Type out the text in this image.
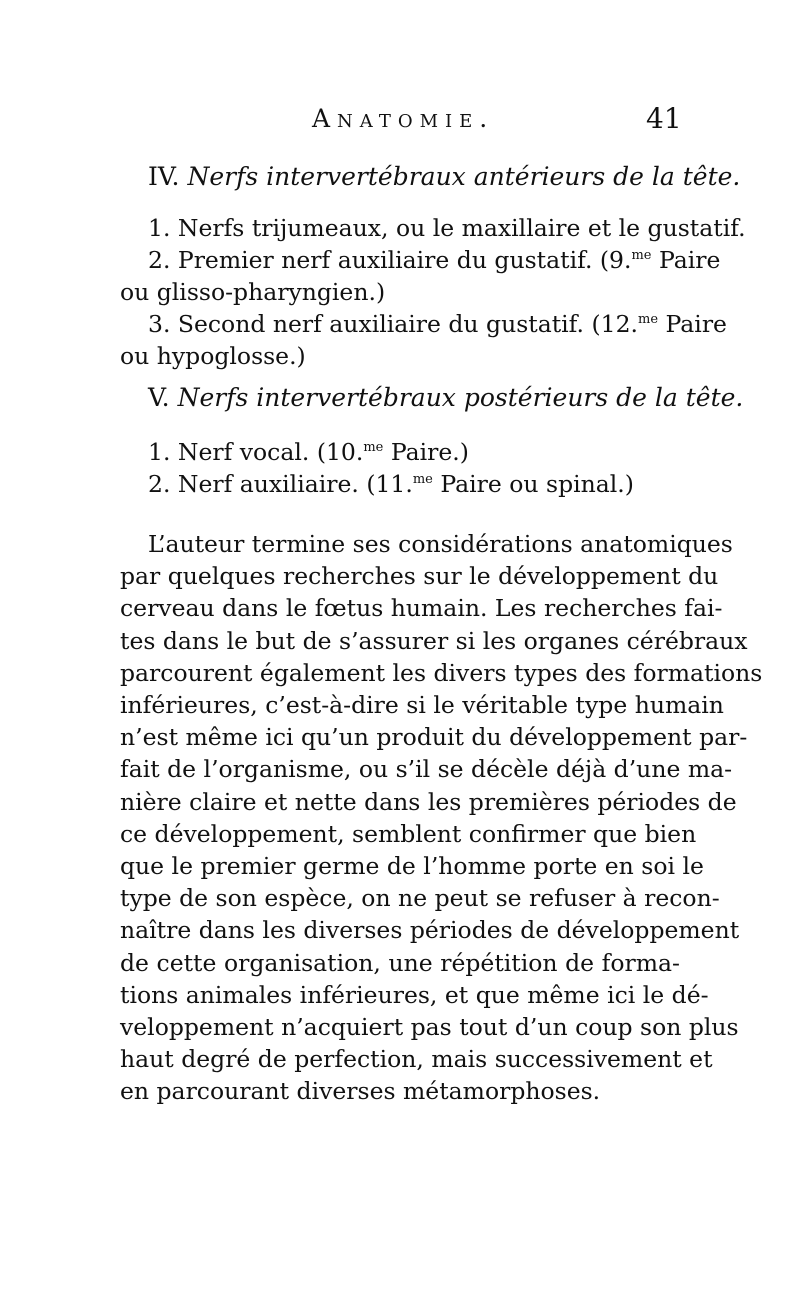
Anatomie.	41
IV. Nerfs intervertébraux antérieurs de la tête.
1. Nerfs trijumeaux, ou le maxillaire et le gustatif.
2. Premier nerf auxiliaire du gustatif. (9.$^{me}$ Paire
ou glisso-pharyngien.)
3. Second nerf auxiliaire du gustatif. (12.$^{me}$ Paire
ou hypoglosse.)
V. Nerfs intervertébraux postérieurs de la tête.
1. Nerf vocal. (10.$^{me}$ Paire.)
2. Nerf auxiliaire. (11.$^{me}$ Paire ou spinal.)
L’auteur termine ses considérations anatomiques
par quelques recherches sur le développement du
cerveau dans le fœtus humain. Les recherches fai-
tes dans le but de s’assurer si les organes cérébraux
parcourent également les divers types des formations
inférieures, c’est-à-dire si le véritable type humain
n’est même ici qu’un produit du développement par-
fait de l’organisme, ou s’il se décèle déjà d’une ma-
nière claire et nette dans les premières périodes de
ce développement, semblent confirmer que bien
que le premier germe de l’homme porte en soi le
type de son espèce, on ne peut se refuser à recon-
naître dans les diverses périodes de développement
de cette organisation, une répétition de forma-
tions animales inférieures, et que même ici le dé-
veloppement n’acquiert pas tout d’un coup son plus
haut degré de perfection, mais successivement et
en parcourant diverses métamorphoses.
